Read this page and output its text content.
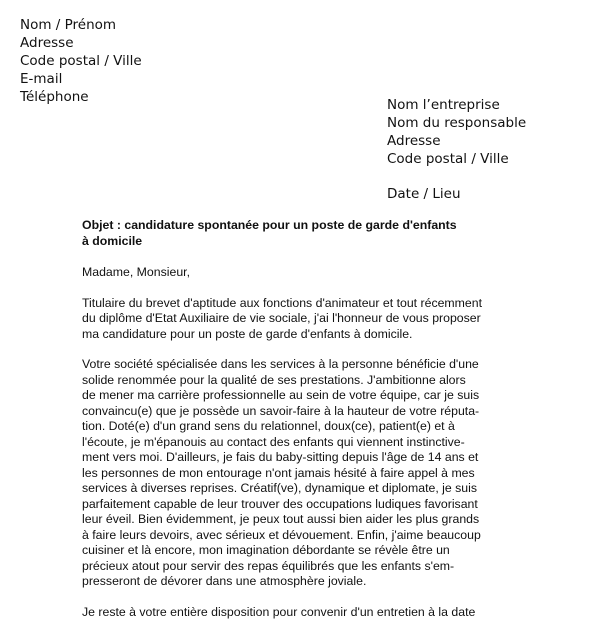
Nom / Prénom
Adresse
Code postal / Ville
E-mail
Téléphone	Nom l’entreprise
Nom du responsable
Adresse
Code postal / Ville
Date / Lieu
Objet : candidature spontanée pour un poste de garde d'enfants
à domicile
Madame, Monsieur,
Titulaire du brevet d'aptitude aux fonctions d'animateur et tout récemment
du diplôme d'Etat Auxiliaire de vie sociale, j'ai l'honneur de vous proposer
ma candidature pour un poste de garde d'enfants à domicile.
Votre société spécialisée dans les services à la personne bénéficie d'une
solide renommée pour la qualité de ses prestations. J'ambitionne alors
de mener ma carrière professionnelle au sein de votre équipe, car je suis
convaincu(e) que je possède un savoir-faire à la hauteur de votre réputa-
tion. Doté(e) d'un grand sens du relationnel, doux(ce), patient(e) et à
l'écoute, je m'épanouis au contact des enfants qui viennent instinctive-
ment vers moi. D'ailleurs, je fais du baby-sitting depuis l'âge de 14 ans et
les personnes de mon entourage n'ont jamais hésité à faire appel à mes
services à diverses reprises. Créatif(ve), dynamique et diplomate, je suis
parfaitement capable de leur trouver des occupations ludiques favorisant
leur éveil. Bien évidemment, je peux tout aussi bien aider les plus grands
à faire leurs devoirs, avec sérieux et dévouement. Enfin, j'aime beaucoup
cuisiner et là encore, mon imagination débordante se révèle être un
précieux atout pour servir des repas équilibrés que les enfants s'em-
presseront de dévorer dans une atmosphère joviale.
Je reste à votre entière disposition pour convenir d'un entretien à la date
